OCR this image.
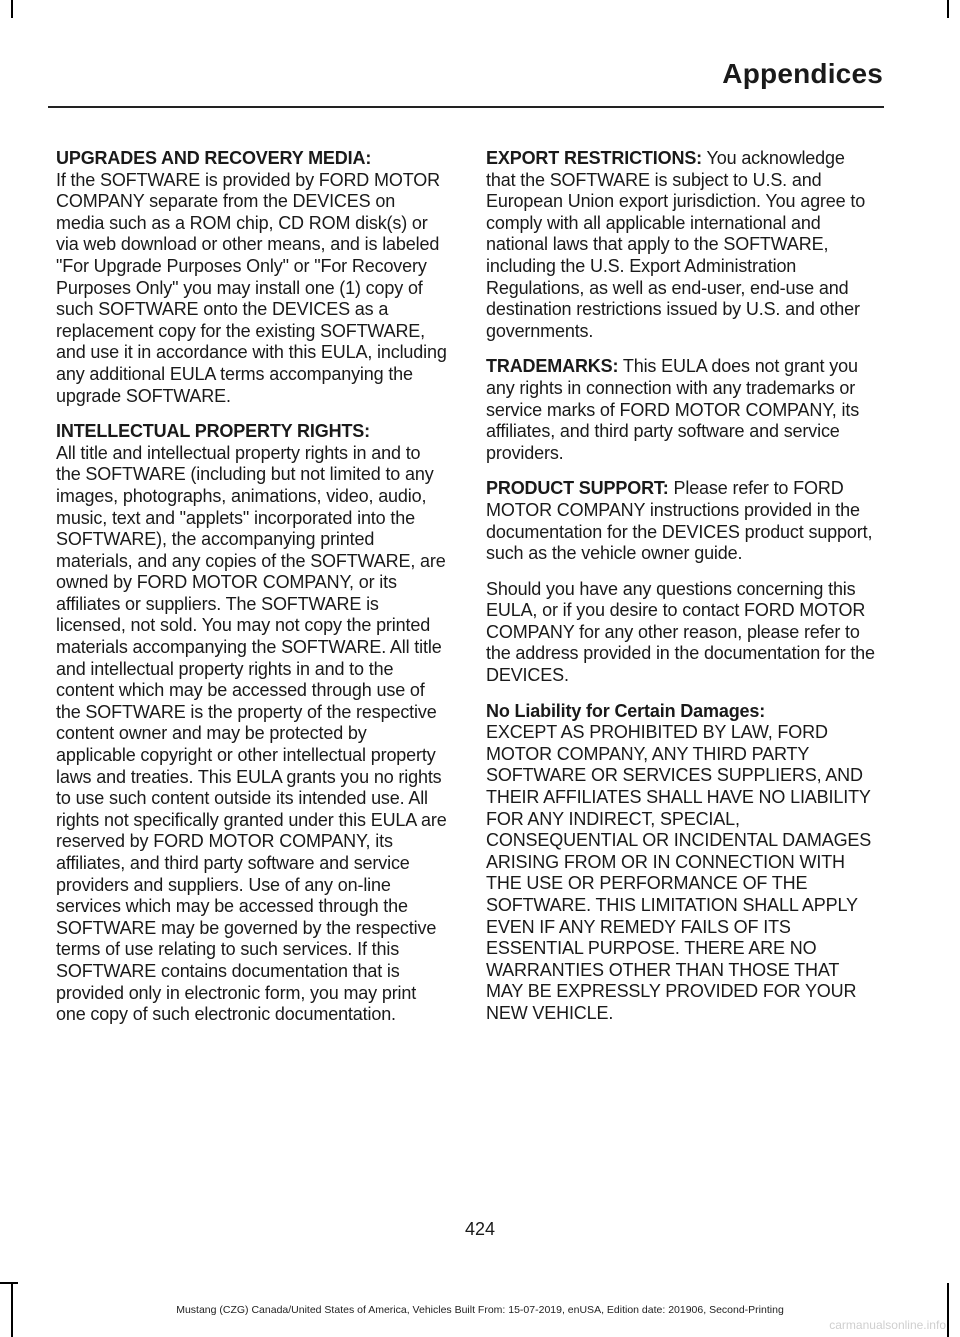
Appendices

UPGRADES AND RECOVERY MEDIA:
If the SOFTWARE is provided by FORD MOTOR COMPANY separate from the DEVICES on media such as a ROM chip, CD ROM disk(s) or via web download or other means, and is labeled "For Upgrade Purposes Only" or "For Recovery Purposes Only" you may install one (1) copy of such SOFTWARE onto the DEVICES as a replacement copy for the existing SOFTWARE, and use it in accordance with this EULA, including any additional EULA terms accompanying the upgrade SOFTWARE.

INTELLECTUAL PROPERTY RIGHTS:
All title and intellectual property rights in and to the SOFTWARE (including but not limited to any images, photographs, animations, video, audio, music, text and "applets" incorporated into the SOFTWARE), the accompanying printed materials, and any copies of the SOFTWARE, are owned by FORD MOTOR COMPANY, or its affiliates or suppliers. The SOFTWARE is licensed, not sold. You may not copy the printed materials accompanying the SOFTWARE. All title and intellectual property rights in and to the content which may be accessed through use of the SOFTWARE is the property of the respective content owner and may be protected by applicable copyright or other intellectual property laws and treaties. This EULA grants you no rights to use such content outside its intended use. All rights not specifically granted under this EULA are reserved by FORD MOTOR COMPANY, its affiliates, and third party software and service providers and suppliers. Use of any on-line services which may be accessed through the SOFTWARE may be governed by the respective terms of use relating to such services. If this SOFTWARE contains documentation that is provided only in electronic form, you may print one copy of such electronic documentation.

EXPORT RESTRICTIONS: You acknowledge that the SOFTWARE is subject to U.S. and European Union export jurisdiction. You agree to comply with all applicable international and national laws that apply to the SOFTWARE, including the U.S. Export Administration Regulations, as well as end-user, end-use and destination restrictions issued by U.S. and other governments.

TRADEMARKS: This EULA does not grant you any rights in connection with any trademarks or service marks of FORD MOTOR COMPANY, its affiliates, and third party software and service providers.

PRODUCT SUPPORT: Please refer to FORD MOTOR COMPANY instructions provided in the documentation for the DEVICES product support, such as the vehicle owner guide.

Should you have any questions concerning this EULA, or if you desire to contact FORD MOTOR COMPANY for any other reason, please refer to the address provided in the documentation for the DEVICES.

No Liability for Certain Damages:
EXCEPT AS PROHIBITED BY LAW, FORD MOTOR COMPANY, ANY THIRD PARTY SOFTWARE OR SERVICES SUPPLIERS, AND THEIR AFFILIATES SHALL HAVE NO LIABILITY FOR ANY INDIRECT, SPECIAL, CONSEQUENTIAL OR INCIDENTAL DAMAGES ARISING FROM OR IN CONNECTION WITH THE USE OR PERFORMANCE OF THE SOFTWARE. THIS LIMITATION SHALL APPLY EVEN IF ANY REMEDY FAILS OF ITS ESSENTIAL PURPOSE. THERE ARE NO WARRANTIES OTHER THAN THOSE THAT MAY BE EXPRESSLY PROVIDED FOR YOUR NEW VEHICLE.

424
Mustang (CZG) Canada/United States of America, Vehicles Built From: 15-07-2019, enUSA, Edition date: 201906, Second-Printing
carmanualsonline.info
